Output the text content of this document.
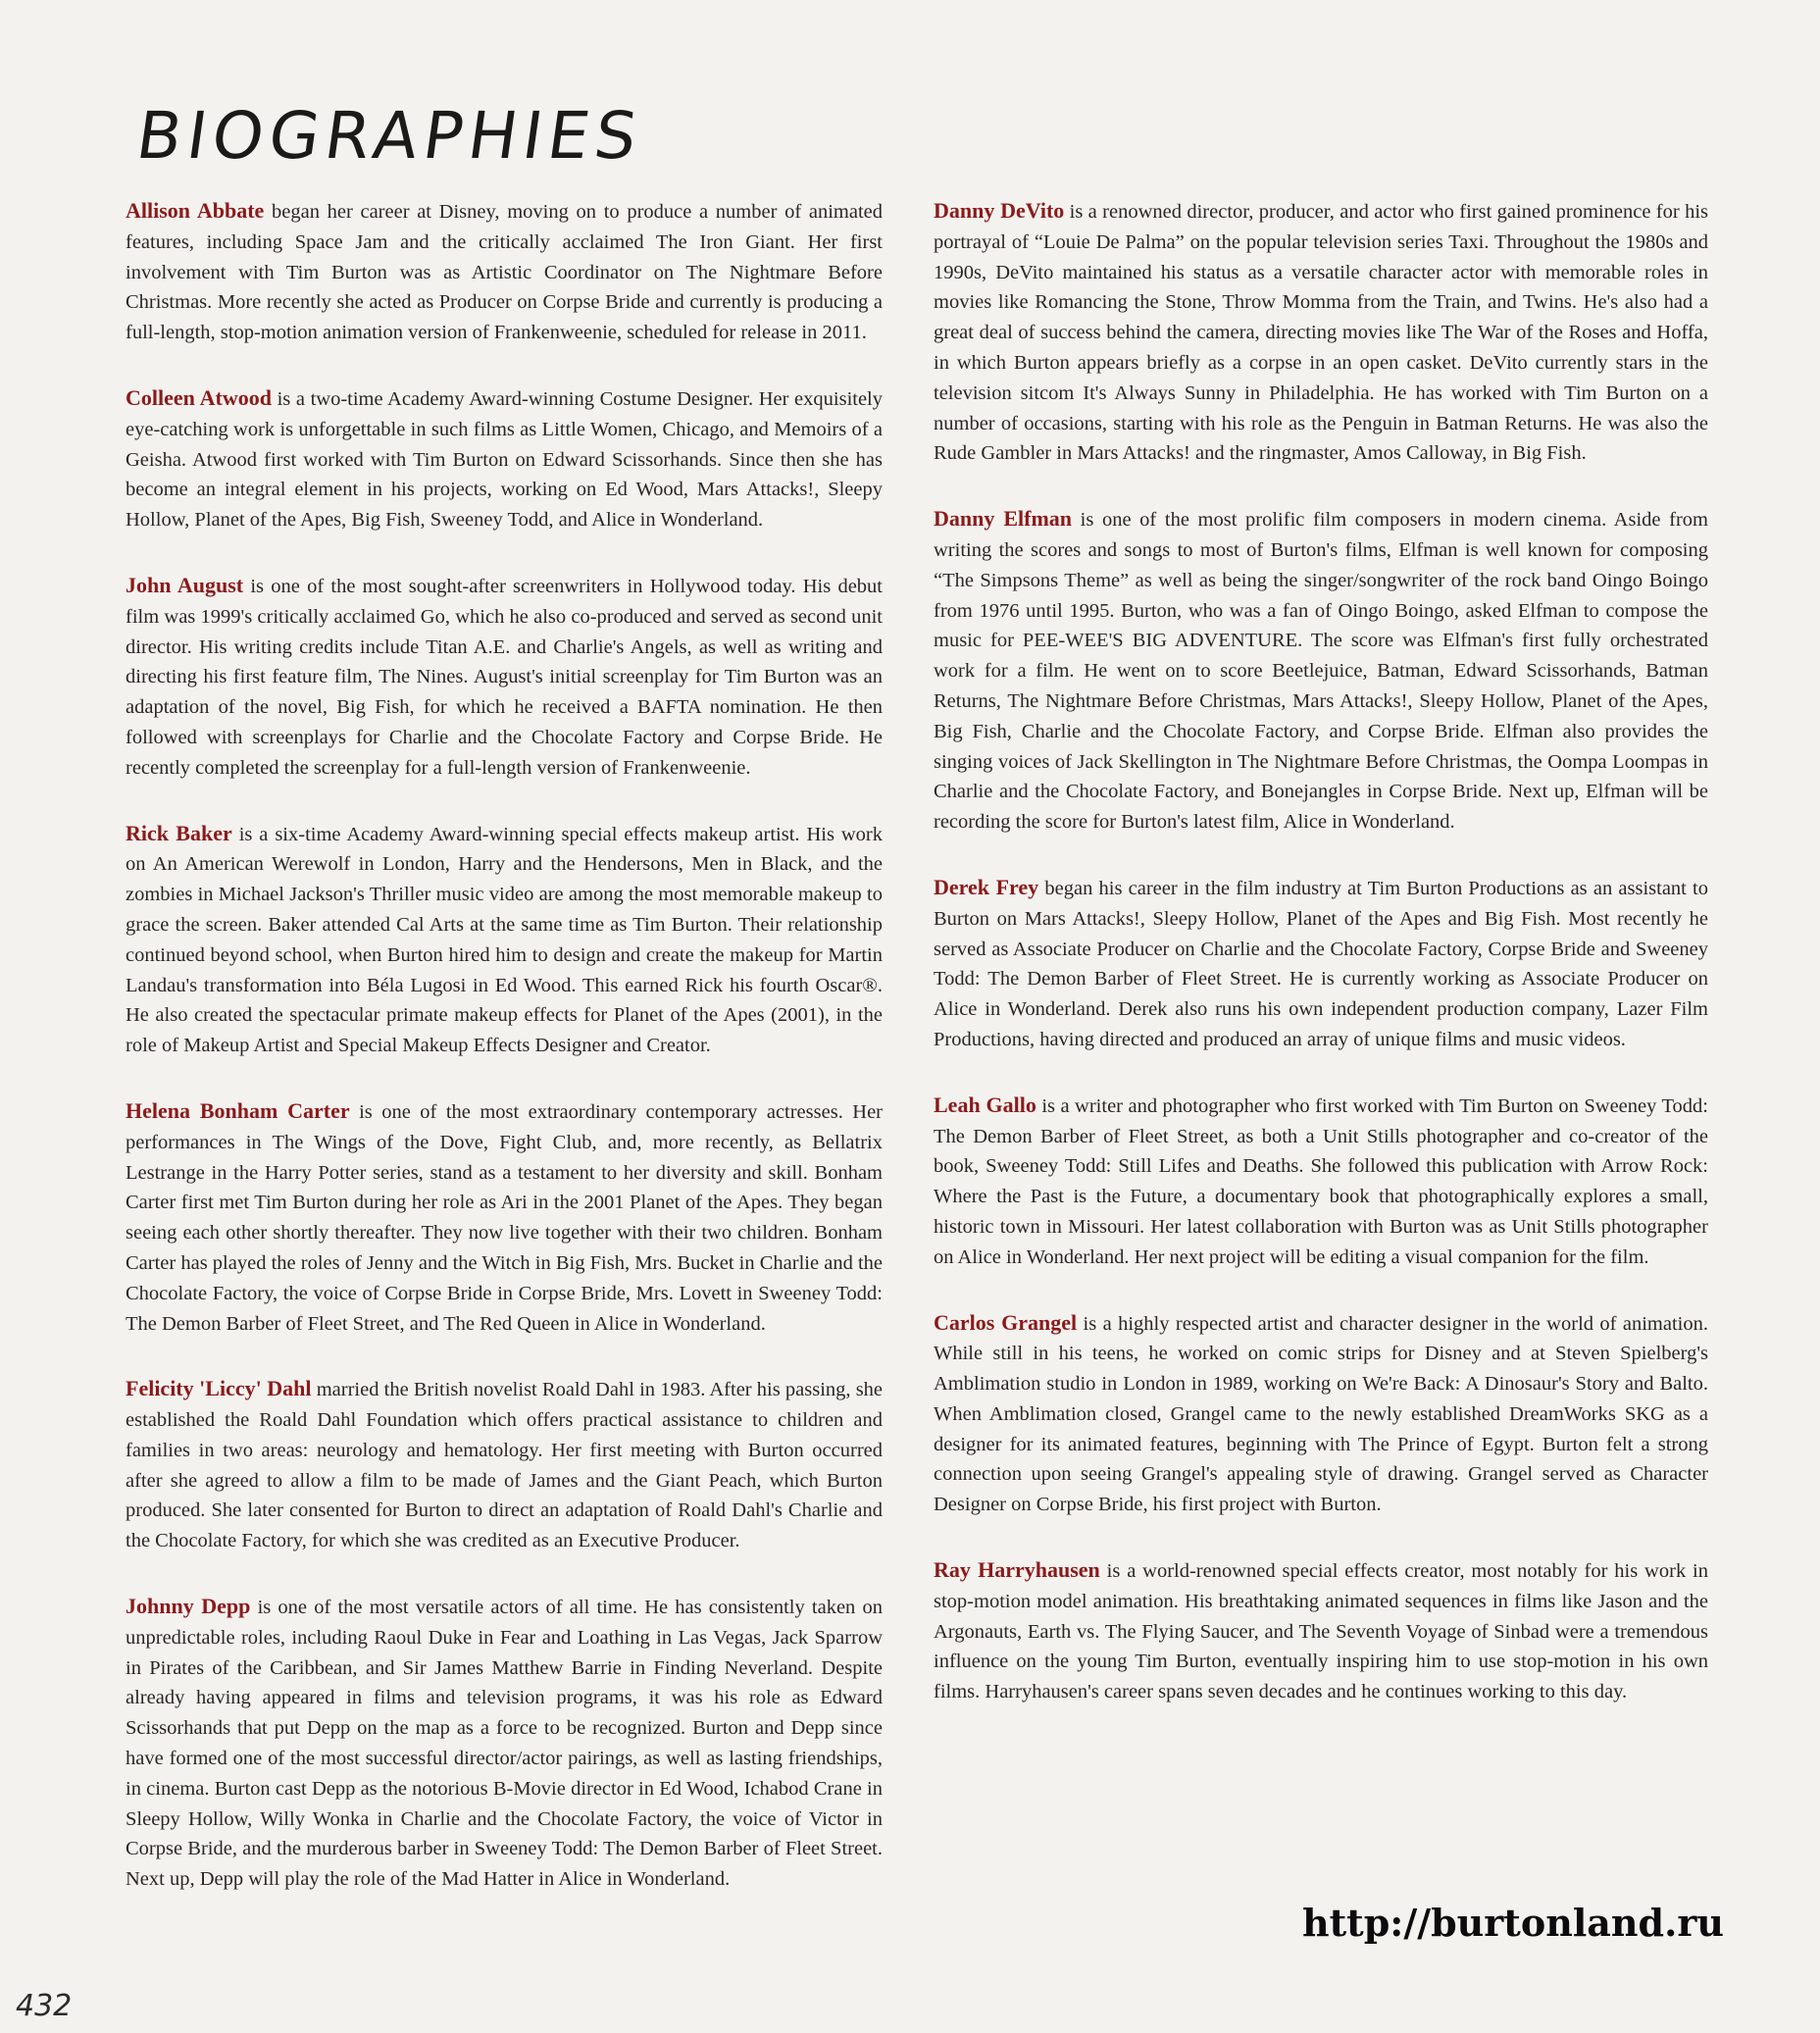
BIOGRAPHIES

Allison Abbate began her career at Disney, moving on to produce a number of animated features, including Space Jam and the critically acclaimed The Iron Giant. Her first involvement with Tim Burton was as Artistic Coordinator on The Nightmare Before Christmas. More recently she acted as Producer on Corpse Bride and currently is producing a full-length, stop-motion animation version of Frankenweenie, scheduled for release in 2011.

Colleen Atwood is a two-time Academy Award-winning Costume Designer. Her exquisitely eye-catching work is unforgettable in such films as Little Women, Chicago, and Memoirs of a Geisha. Atwood first worked with Tim Burton on Edward Scissorhands. Since then she has become an integral element in his projects, working on Ed Wood, Mars Attacks!, Sleepy Hollow, Planet of the Apes, Big Fish, Sweeney Todd, and Alice in Wonderland.

John August is one of the most sought-after screenwriters in Hollywood today. His debut film was 1999's critically acclaimed Go, which he also co-produced and served as second unit director. His writing credits include Titan A.E. and Charlie's Angels, as well as writing and directing his first feature film, The Nines. August's initial screenplay for Tim Burton was an adaptation of the novel, Big Fish, for which he received a BAFTA nomination. He then followed with screenplays for Charlie and the Chocolate Factory and Corpse Bride. He recently completed the screenplay for a full-length version of Frankenweenie.

Rick Baker is a six-time Academy Award-winning special effects makeup artist. His work on An American Werewolf in London, Harry and the Hendersons, Men in Black, and the zombies in Michael Jackson's Thriller music video are among the most memorable makeup to grace the screen. Baker attended Cal Arts at the same time as Tim Burton. Their relationship continued beyond school, when Burton hired him to design and create the makeup for Martin Landau's transformation into Béla Lugosi in Ed Wood. This earned Rick his fourth Oscar®. He also created the spectacular primate makeup effects for Planet of the Apes (2001), in the role of Makeup Artist and Special Makeup Effects Designer and Creator.

Helena Bonham Carter is one of the most extraordinary contemporary actresses. Her performances in The Wings of the Dove, Fight Club, and, more recently, as Bellatrix Lestrange in the Harry Potter series, stand as a testament to her diversity and skill. Bonham Carter first met Tim Burton during her role as Ari in the 2001 Planet of the Apes. They began seeing each other shortly thereafter. They now live together with their two children. Bonham Carter has played the roles of Jenny and the Witch in Big Fish, Mrs. Bucket in Charlie and the Chocolate Factory, the voice of Corpse Bride in Corpse Bride, Mrs. Lovett in Sweeney Todd: The Demon Barber of Fleet Street, and The Red Queen in Alice in Wonderland.

Felicity 'Liccy' Dahl married the British novelist Roald Dahl in 1983. After his passing, she established the Roald Dahl Foundation which offers practical assistance to children and families in two areas: neurology and hematology. Her first meeting with Burton occurred after she agreed to allow a film to be made of James and the Giant Peach, which Burton produced. She later consented for Burton to direct an adaptation of Roald Dahl's Charlie and the Chocolate Factory, for which she was credited as an Executive Producer.

Johnny Depp is one of the most versatile actors of all time. He has consistently taken on unpredictable roles, including Raoul Duke in Fear and Loathing in Las Vegas, Jack Sparrow in Pirates of the Caribbean, and Sir James Matthew Barrie in Finding Neverland. Despite already having appeared in films and television programs, it was his role as Edward Scissorhands that put Depp on the map as a force to be recognized. Burton and Depp since have formed one of the most successful director/actor pairings, as well as lasting friendships, in cinema. Burton cast Depp as the notorious B-Movie director in Ed Wood, Ichabod Crane in Sleepy Hollow, Willy Wonka in Charlie and the Chocolate Factory, the voice of Victor in Corpse Bride, and the murderous barber in Sweeney Todd: The Demon Barber of Fleet Street. Next up, Depp will play the role of the Mad Hatter in Alice in Wonderland.

Danny DeVito is a renowned director, producer, and actor who first gained prominence for his portrayal of “Louie De Palma” on the popular television series Taxi. Throughout the 1980s and 1990s, DeVito maintained his status as a versatile character actor with memorable roles in movies like Romancing the Stone, Throw Momma from the Train, and Twins. He's also had a great deal of success behind the camera, directing movies like The War of the Roses and Hoffa, in which Burton appears briefly as a corpse in an open casket. DeVito currently stars in the television sitcom It's Always Sunny in Philadelphia. He has worked with Tim Burton on a number of occasions, starting with his role as the Penguin in Batman Returns. He was also the Rude Gambler in Mars Attacks! and the ringmaster, Amos Calloway, in Big Fish.

Danny Elfman is one of the most prolific film composers in modern cinema. Aside from writing the scores and songs to most of Burton's films, Elfman is well known for composing “The Simpsons Theme” as well as being the singer/songwriter of the rock band Oingo Boingo from 1976 until 1995. Burton, who was a fan of Oingo Boingo, asked Elfman to compose the music for PEE-WEE'S BIG ADVENTURE. The score was Elfman's first fully orchestrated work for a film. He went on to score Beetlejuice, Batman, Edward Scissorhands, Batman Returns, The Nightmare Before Christmas, Mars Attacks!, Sleepy Hollow, Planet of the Apes, Big Fish, Charlie and the Chocolate Factory, and Corpse Bride. Elfman also provides the singing voices of Jack Skellington in The Nightmare Before Christmas, the Oompa Loompas in Charlie and the Chocolate Factory, and Bonejangles in Corpse Bride. Next up, Elfman will be recording the score for Burton's latest film, Alice in Wonderland.

Derek Frey began his career in the film industry at Tim Burton Productions as an assistant to Burton on Mars Attacks!, Sleepy Hollow, Planet of the Apes and Big Fish. Most recently he served as Associate Producer on Charlie and the Chocolate Factory, Corpse Bride and Sweeney Todd: The Demon Barber of Fleet Street. He is currently working as Associate Producer on Alice in Wonderland. Derek also runs his own independent production company, Lazer Film Productions, having directed and produced an array of unique films and music videos.

Leah Gallo is a writer and photographer who first worked with Tim Burton on Sweeney Todd: The Demon Barber of Fleet Street, as both a Unit Stills photographer and co-creator of the book, Sweeney Todd: Still Lifes and Deaths. She followed this publication with Arrow Rock: Where the Past is the Future, a documentary book that photographically explores a small, historic town in Missouri. Her latest collaboration with Burton was as Unit Stills photographer on Alice in Wonderland. Her next project will be editing a visual companion for the film.

Carlos Grangel is a highly respected artist and character designer in the world of animation. While still in his teens, he worked on comic strips for Disney and at Steven Spielberg's Amblimation studio in London in 1989, working on We're Back: A Dinosaur's Story and Balto. When Amblimation closed, Grangel came to the newly established DreamWorks SKG as a designer for its animated features, beginning with The Prince of Egypt. Burton felt a strong connection upon seeing Grangel's appealing style of drawing. Grangel served as Character Designer on Corpse Bride, his first project with Burton.

Ray Harryhausen is a world-renowned special effects creator, most notably for his work in stop-motion model animation. His breathtaking animated sequences in films like Jason and the Argonauts, Earth vs. The Flying Saucer, and The Seventh Voyage of Sinbad were a tremendous influence on the young Tim Burton, eventually inspiring him to use stop-motion in his own films. Harryhausen's career spans seven decades and he continues working to this day.

http://burtonland.ru
432
